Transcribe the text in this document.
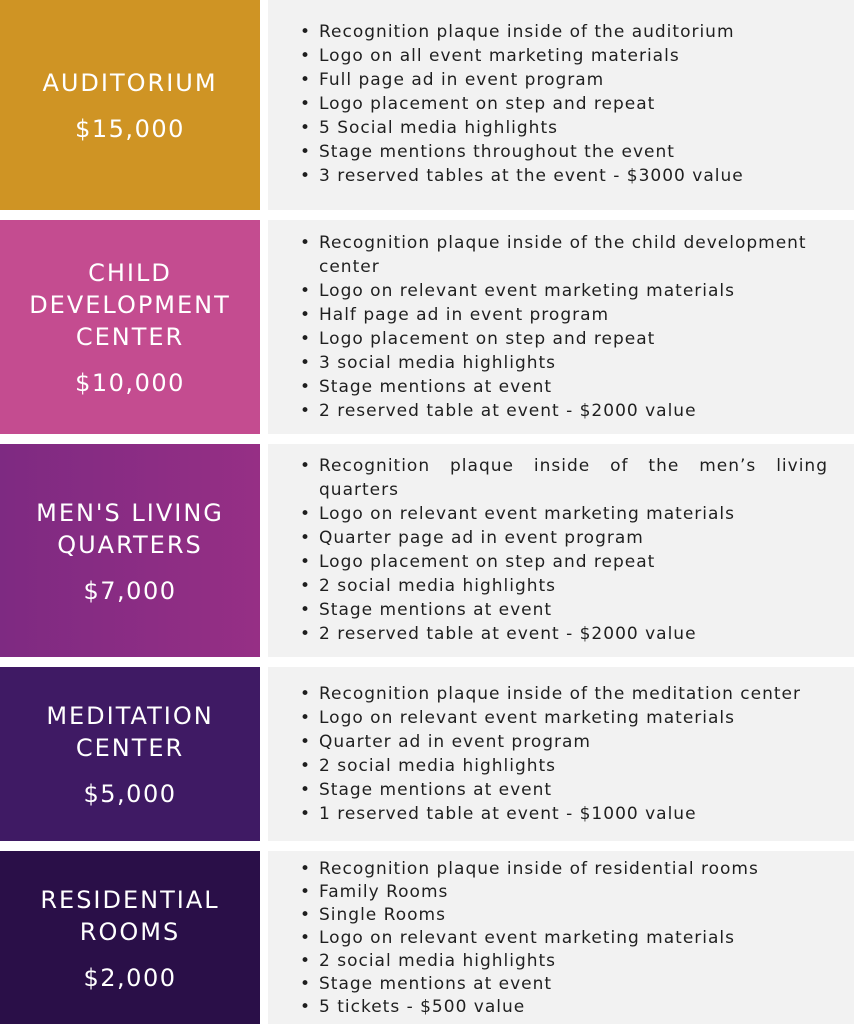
AUDITORIUM
$15,000
• Recognition plaque inside of the auditorium
• Logo on all event marketing materials
• Full page ad in event program
• Logo placement on step and repeat
• 5 Social media highlights
• Stage mentions throughout the event
• 3 reserved tables at the event - $3000 value
CHILD
DEVELOPMENT
CENTER
$10,000
• Recognition plaque inside of the child development center
• Logo on relevant event marketing materials
• Half page ad in event program
• Logo placement on step and repeat
• 3 social media highlights
• Stage mentions at event
• 2 reserved table at event - $2000 value
MEN'S LIVING
QUARTERS
$7,000
• Recognition plaque inside of the men’s living quarters
• Logo on relevant event marketing materials
• Quarter page ad in event program
• Logo placement on step and repeat
• 2 social media highlights
• Stage mentions at event
• 2 reserved table at event - $2000 value
MEDITATION
CENTER
$5,000
• Recognition plaque inside of the meditation center
• Logo on relevant event marketing materials
• Quarter ad in event program
• 2 social media highlights
• Stage mentions at event
• 1 reserved table at event - $1000 value
RESIDENTIAL
ROOMS
$2,000
• Recognition plaque inside of residential rooms
• Family Rooms
• Single Rooms
• Logo on relevant event marketing materials
• 2 social media highlights
• Stage mentions at event
• 5 tickets - $500 value
